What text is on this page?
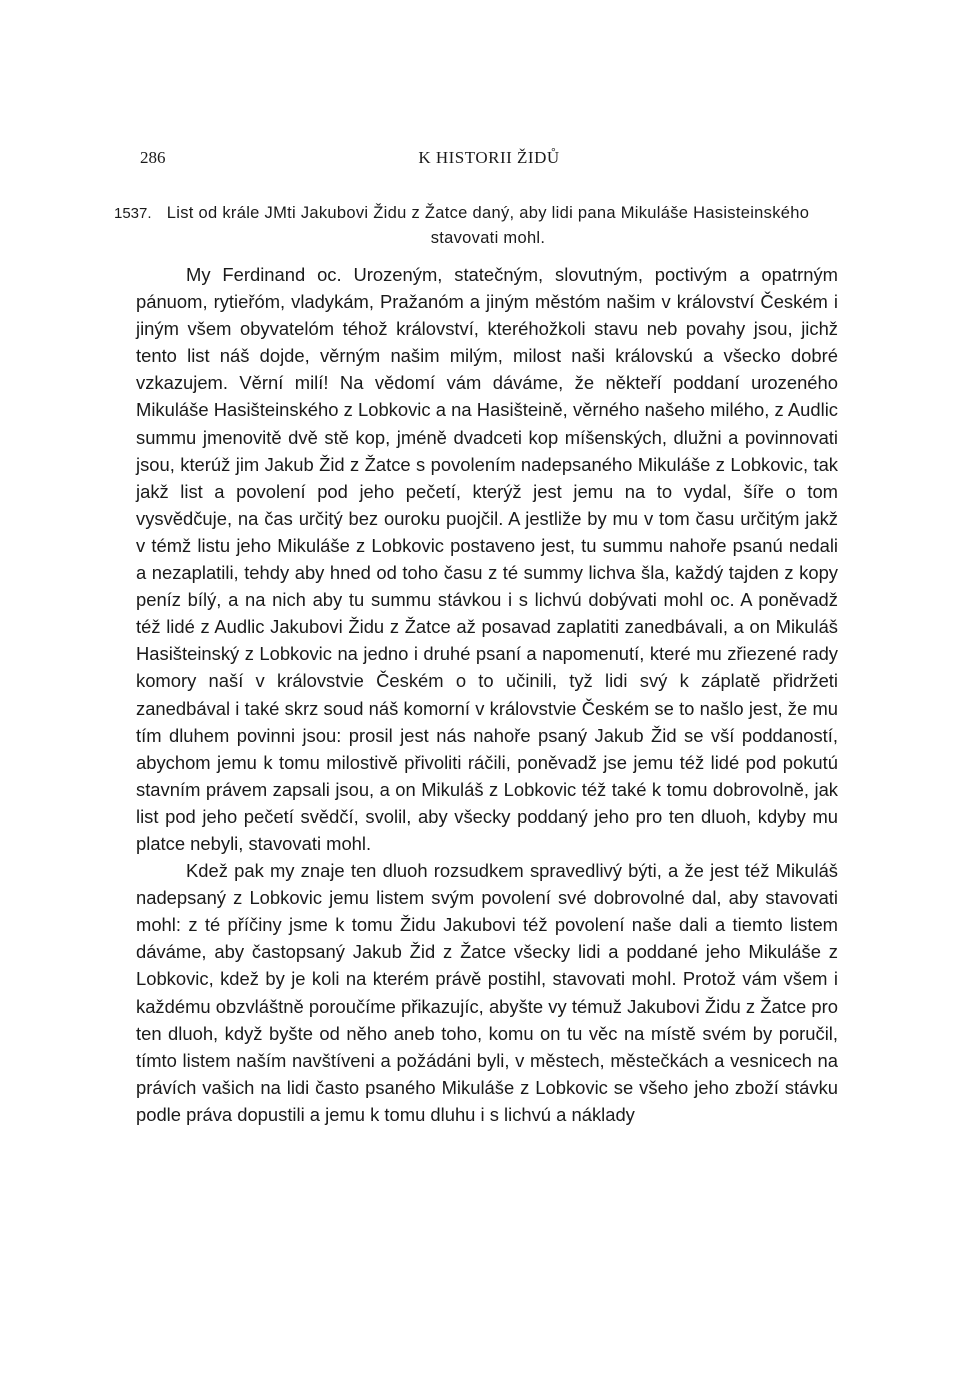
286	K HISTORII ŽIDŮ
1537. List od krále JMti Jakubovi Židu z Žatce daný, aby lidi pana Mikuláše Hasisteinského stavovati mohl.

My Ferdinand oc. Urozeným, statečným, slovutným, poctivým a opatrným pánuom, rytieřóm, vladykám, Pražanóm a jiným městóm našim v království Českém i jiným všem obyvatelóm téhož království, kteréhožkoli stavu neb povahy jsou, jichž tento list náš dojde, věrným našim milým, milost naši královskú a všecko dobré vzkazujem. Věrní milí! Na vědomí vám dáváme, že někteří poddaní urozeného Mikuláše Hasišteinského z Lobkovic a na Hasišteině, věrného našeho milého, z Audlic summu jmenovitě dvě stě kop, jméně dvadceti kop míšenských, dlužni a povinnovati jsou, kterúž jim Jakub Žid z Žatce s povolením nadepsaného Mikuláše z Lobkovic, tak jakž list a povolení pod jeho pečetí, kterýž jest jemu na to vydal, šíře o tom vysvědčuje, na čas určitý bez ouroku puojčil. A jestliže by mu v tom času určitým jakž v témž listu jeho Mikuláše z Lobkovic postaveno jest, tu summu nahoře psanú nedali a nezaplatili, tehdy aby hned od toho času z té summy lichva šla, každý tajden z kopy peníz bílý, a na nich aby tu summu stávkou i s lichvú dobývati mohl oc. A poněvadž též lidé z Audlic Jakubovi Židu z Žatce až posavad zaplatiti zanedbávali, a on Mikuláš Hasišteinský z Lobkovic na jedno i druhé psaní a napomenutí, které mu zřiezené rady komory naší v královstvie Českém o to učinili, tyž lidi svý k záplatě přidržeti zanedbával i také skrz soud náš komorní v královstvie Českém se to našlo jest, že mu tím dluhem povinni jsou: prosil jest nás nahoře psaný Jakub Žid se vší poddaností, abychom jemu k tomu milostivě přivoliti ráčili, poněvadž jse jemu též lidé pod pokutú stavním právem zapsali jsou, a on Mikuláš z Lobkovic též také k tomu dobrovolně, jak list pod jeho pečetí svědčí, svolil, aby všecky poddaný jeho pro ten dluoh, kdyby mu platce nebyli, stavovati mohl.

Kdež pak my znaje ten dluoh rozsudkem spravedlivý býti, a že jest též Mikuláš nadepsaný z Lobkovic jemu listem svým povolení své dobrovolné dal, aby stavovati mohl: z té příčiny jsme k tomu Židu Jakubovi též povolení naše dali a tiemto listem dáváme, aby častopsaný Jakub Žid z Žatce všecky lidi a poddané jeho Mikuláše z Lobkovic, kdež by je koli na kterém právě postihl, stavovati mohl. Protož vám všem i každému obzvláštně poroučíme přikazujíc, abyšte vy témuž Jakubovi Židu z Žatce pro ten dluoh, když byšte od něho aneb toho, komu on tu věc na místě svém by poručil, tímto listem naším navštíveni a požádáni byli, v městech, městečkách a vesnicech na právích vašich na lidi často psaného Mikuláše z Lobkovic se všeho jeho zboží stávku podle práva dopustili a jemu k tomu dluhu i s lichvú a náklady
